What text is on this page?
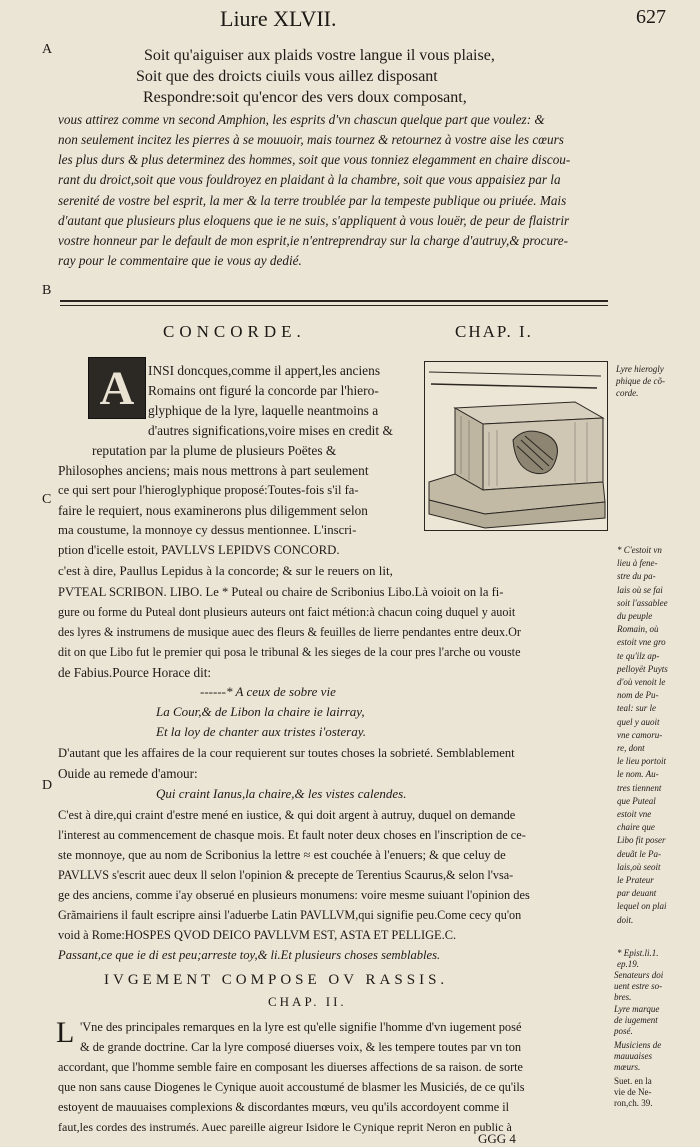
Liure XLVII.	627
A
B
C
D
Soit qu'aiguiser aux plaids vostre langue il vous plaise,
Soit que des droicts ciuils vous aillez disposant
Respondre:soit qu'encor des vers doux composant,
vous attirez comme vn second Amphion, les esprits d'vn chascun quelque part que voulez: &
non seulement incitez les pierres à se mouuoir, mais tournez & retournez à vostre aise les cœurs
les plus durs & plus determinez des hommes, soit que vous tonniez elegamment en chaire discou-
rant du droict,soit que vous fouldroyez en plaidant à la chambre, soit que vous appaisiez par la
serenité de vostre bel esprit, la mer & la terre troublée par la tempeste publique ou priuée. Mais
d'autant que plusieurs plus eloquens que ie ne suis, s'appliquent à vous louër, de peur de flaistrir
vostre honneur par le default de mon esprit,ie n'entreprendray sur la charge d'autruy,& procure-
ray pour le commentaire que ie vous ay dedié.
CONCORDE.	CHAP. I.
A INSI doncques,comme il appert,les anciens
Romains ont figuré la concorde par l'hiero-
glyphique de la lyre, laquelle neantmoins a
d'autres significations,voire mises en credit &
reputation par la plume de plusieurs Poëtes &
Philosophes anciens; mais nous mettrons à part seulement
ce qui sert pour l'hieroglyphique proposé:Toutes-fois s'il fa-
faire le requiert, nous examinerons plus diligemment selon
ma coustume, la monnoye cy dessus mentionnee. L'inscri-
ption d'icelle estoit, PAVLLVS LEPIDVS CONCORD.
c'est à dire, Paullus Lepidus à la concorde; & sur le reuers on lit,
PVTEAL SCRIBON. LIBO. Le * Puteal ou chaire de Scribonius Libo.Là voioit on la fi-
gure ou forme du Puteal dont plusieurs auteurs ont faict métion:à chacun coing duquel y auoit
des lyres & instrumens de musique auec des fleurs & feuilles de lierre pendantes entre deux.Or
dit on que Libo fut le premier qui posa le tribunal & les sieges de la cour pres l'arche ou vouste
de Fabius.Pource Horace dit:
------* A ceux de sobre vie
La Cour,& de Libon la chaire ie lairray,
Et la loy de chanter aux tristes i'osteray.
D'autant que les affaires de la cour requierent sur toutes choses la sobrieté. Semblablement
Ouide au remede d'amour:
Qui craint Ianus,la chaire,& les vistes calendes.
C'est à dire,qui craint d'estre mené en iustice, & qui doit argent à autruy, duquel on demande
l'interest au commencement de chasque mois. Et fault noter deux choses en l'inscription de ce-
ste monnoye, que au nom de Scribonius la lettre ≈ est couchée à l'enuers; & que celuy de
PAVLLVS s'escrit auec deux ll selon l'opinion & precepte de Terentius Scaurus,& selon l'vsa-
ge des anciens, comme i'ay obserué en plusieurs monumens: voire mesme suiuant l'opinion des
Grãmairiens il fault escripre ainsi l'aduerbe Latin PAVLLVM,qui signifie peu.Come cecy qu'on
void à Rome:HOSPES QVOD DEICO PAVLLVM EST, ASTA ET PELLIGE.C.
Passant,ce que ie di est peu;arreste toy,& li.Et plusieurs choses semblables.
IVGEMENT COMPOSE OV RASSIS.
CHAP. II.
L 'Vne des principales remarques en la lyre est qu'elle signifie l'homme d'vn iugement posé
& de grande doctrine. Car la lyre composé diuerses voix, & les tempere toutes par vn ton
accordant, que l'homme semble faire en composant les diuerses affections de sa raison. de sorte
que non sans cause Diogenes le Cynique auoit accoustumé de blasmer les Musiciés, de ce qu'ils
estoyent de mauuaises complexions & discordantes mœurs, veu qu'ils accordoyent comme il
faut,les cordes des instrumés. Auec pareille aigreur Isidore le Cynique reprit Neron en public à
GGG 4
Lyre hierogly
phique de cõ-
corde.
* C'estoit vn
lieu à fene-
stre du pa-
lais où se fai
soit l'assablee
du peuple
Romain, où
estoit vne gro
te qu'ilz ap-
pelloyët Puyts
d'où venoit le
nom de Pu-
teal: sur le
quel y auoit
vne camoru-
re, dont
le lieu portoit
le nom. Au-
tres tiennent
que Puteal
estoit vne
chaire que
Libo fit poser
deuãt le Pa-
lais,où seoit
le Prateur
par deuant
lequel on plai
doit.
* Epist.li.1.
ep.19.
Senateurs doi
uent estre so-
bres.
Lyre marque
de iugement
posé.
Musiciens de
mauuaises
mœurs.
Suet. en la
vie de Ne-
ron,ch. 39.
